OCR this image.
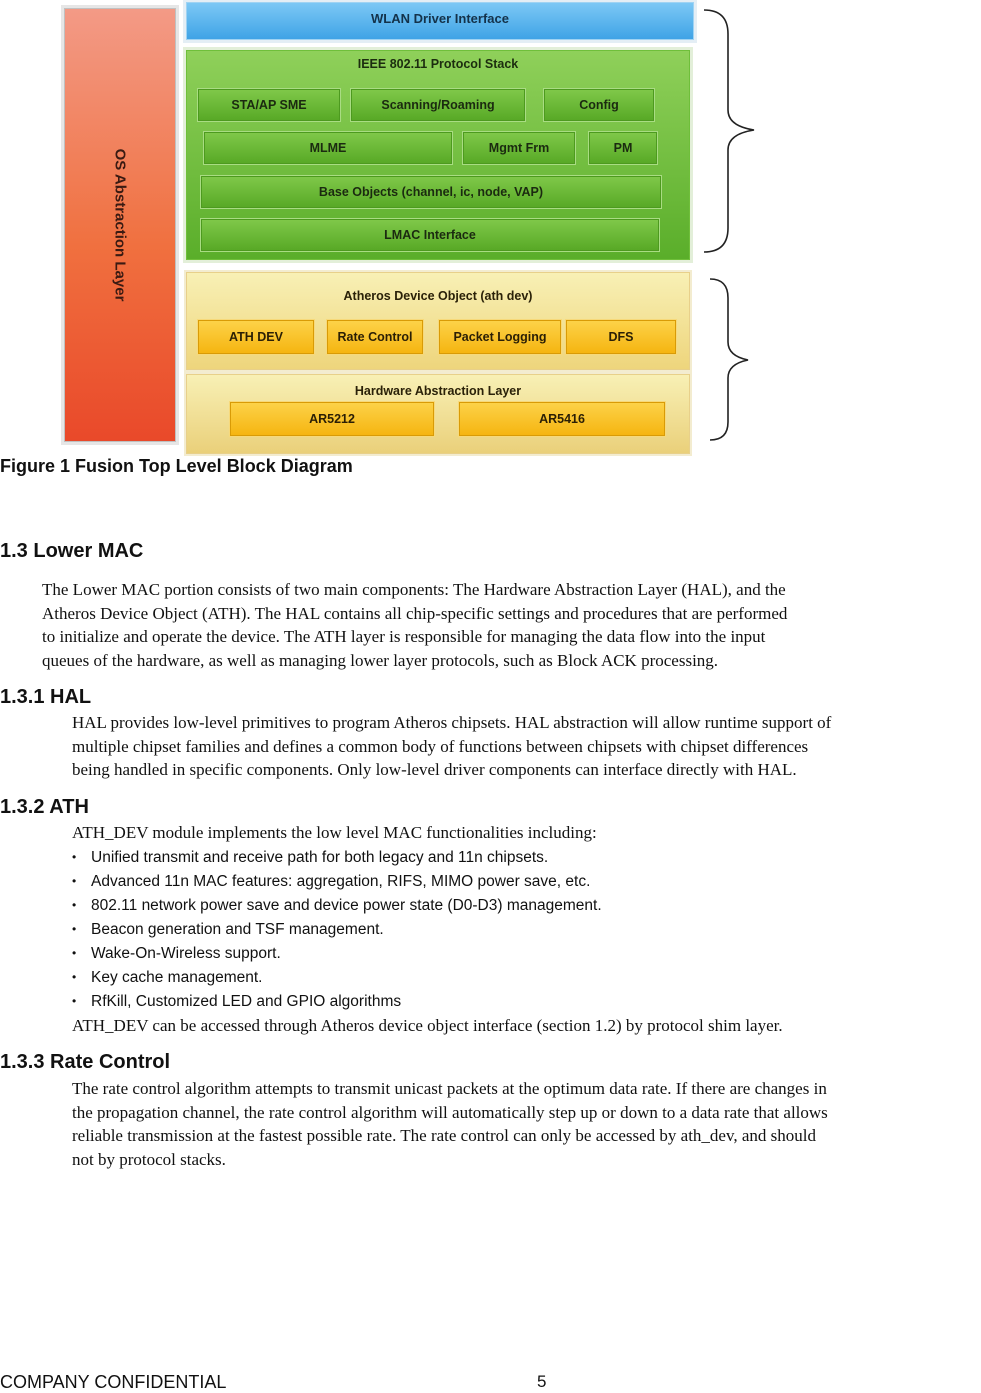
OS Abstraction Layer
WLAN Driver Interface
IEEE 802.11 Protocol Stack
STA/AP SME	Scanning/Roaming	Config
MLME	Mgmt Frm	PM
Base Objects (channel, ic, node, VAP)
LMAC Interface
Atheros Device Object (ath dev)
ATH DEV	Rate Control	Packet Logging	DFS
Hardware Abstraction Layer
AR5212	AR5416
Figure 1 Fusion Top Level Block Diagram
1.3 Lower MAC
The Lower MAC portion consists of two main components: The Hardware Abstraction Layer (HAL), and the
Atheros Device Object (ATH). The HAL contains all chip-specific settings and procedures that are performed
to initialize and operate the device. The ATH layer is responsible for managing the data flow into the input
queues of the hardware, as well as managing lower layer protocols, such as Block ACK processing.
1.3.1 HAL
HAL provides low-level primitives to program Atheros chipsets. HAL abstraction will allow runtime support of
multiple chipset families and defines a common body of functions between chipsets with chipset differences
being handled in specific components. Only low-level driver components can interface directly with HAL.
1.3.2 ATH
ATH_DEV module implements the low level MAC functionalities including:
• Unified transmit and receive path for both legacy and 11n chipsets.
• Advanced 11n MAC features: aggregation, RIFS, MIMO power save, etc.
• 802.11 network power save and device power state (D0-D3) management.
• Beacon generation and TSF management.
• Wake-On-Wireless support.
• Key cache management.
• RfKill, Customized LED and GPIO algorithms
ATH_DEV can be accessed through Atheros device object interface (section 1.2) by protocol shim layer.
1.3.3 Rate Control
The rate control algorithm attempts to transmit unicast packets at the optimum data rate. If there are changes in
the propagation channel, the rate control algorithm will automatically step up or down to a data rate that allows
reliable transmission at the fastest possible rate. The rate control can only be accessed by ath_dev, and should
not by protocol stacks.
COMPANY CONFIDENTIAL	5
